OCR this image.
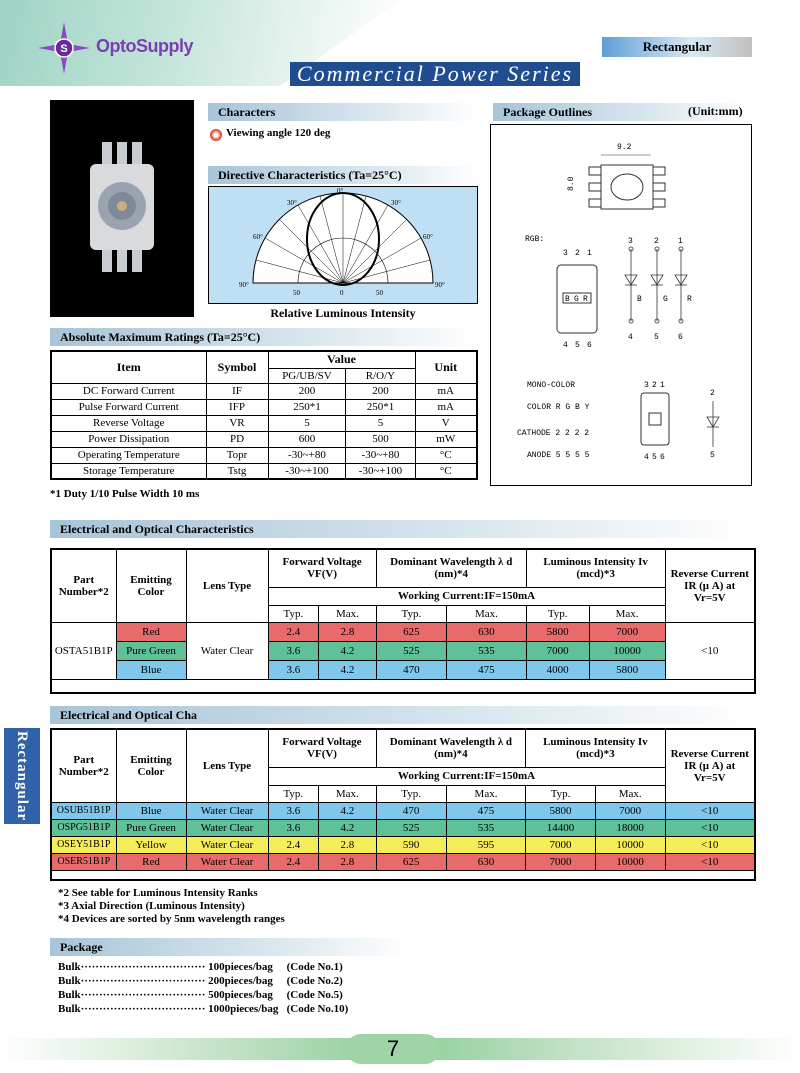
S OptoSupply	Rectangular
Commercial Power Series
Characters
Viewing angle 120 deg
Directive Characteristics (Ta=25°C)
0°
30°	30°
60°	60°
90°	90°
50	0	50
Relative Luminous Intensity
Package Outlines	(Unit:mm)
9.2
8.0
RGB:
3 2 1
B G R
4 5 6
3	2 1
B	G R
4	5 6
MONO-COLOR
COLOR R G B Y
CATHODE 2 2 2 2
ANODE 5 5 5 5
3 2 1
4 5 6
2
5
Absolute Maximum Ratings (Ta=25°C)
Item	Symbol	Value		Unit
		PG/UB/SV	R/O/Y	
DC Forward Current	IF	200	200	mA
Pulse Forward Current	IFP	250*1	250*1	mA
Reverse Voltage	VR	5	5	V
Power Dissipation	PD	600	500	mW
Operating Temperature	Topr	-30~+80	-30~+80	°C
Storage Temperature	Tstg	-30~+100	-30~+100	°C
*1 Duty 1/10 Pulse Width 10 ms
Electrical and Optical Characteristics
Part Number*2	Emitting Color	Lens Type	Forward Voltage VF(V)		Dominant Wavelength λ d (nm)*4		Luminous Intensity Iv (mcd)*3		Reverse Current IR (μ A) at Vr=5V
			Working Current:IF=150mA						
			Typ.	Max.	Typ.	Max.	Typ.	Max.	
OSTA51B1P	Red	Water Clear	2.4	2.8	625	630	5800	7000	<10
	Pure Green		3.6	4.2	525	535	7000	10000	
	Blue		3.6	4.2	470	475	4000	5800	

Rectangular
Electrical and Optical Cha
Part Number*2	Emitting Color	Lens Type	Forward Voltage VF(V)		Dominant Wavelength λ d (nm)*4		Luminous Intensity Iv (mcd)*3		Reverse Current IR (μ A) at Vr=5V
			Working Current:IF=150mA						
			Typ.	Max.	Typ.	Max.	Typ.	Max.	
OSUB51B1P	Blue	Water Clear	3.6	4.2	470	475	5800	7000	<10
OSPG51B1P	Pure Green	Water Clear	3.6	4.2	525	535	14400	18000	<10
OSEY51B1P	Yellow	Water Clear	2.4	2.8	590	595	7000	10000	<10
OSER51B1P	Red	Water Clear	2.4	2.8	625	630	7000	10000	<10

*2 See table for Luminous Intensity Ranks
*3 Axial Direction (Luminous Intensity)
*4 Devices are sorted by 5nm wavelength ranges
Package
Bulk·································· 100pieces/bag     (Code No.1)
Bulk·································· 200pieces/bag     (Code No.2)
Bulk·································· 500pieces/bag     (Code No.5)
Bulk·································· 1000pieces/bag   (Code No.10)
7
